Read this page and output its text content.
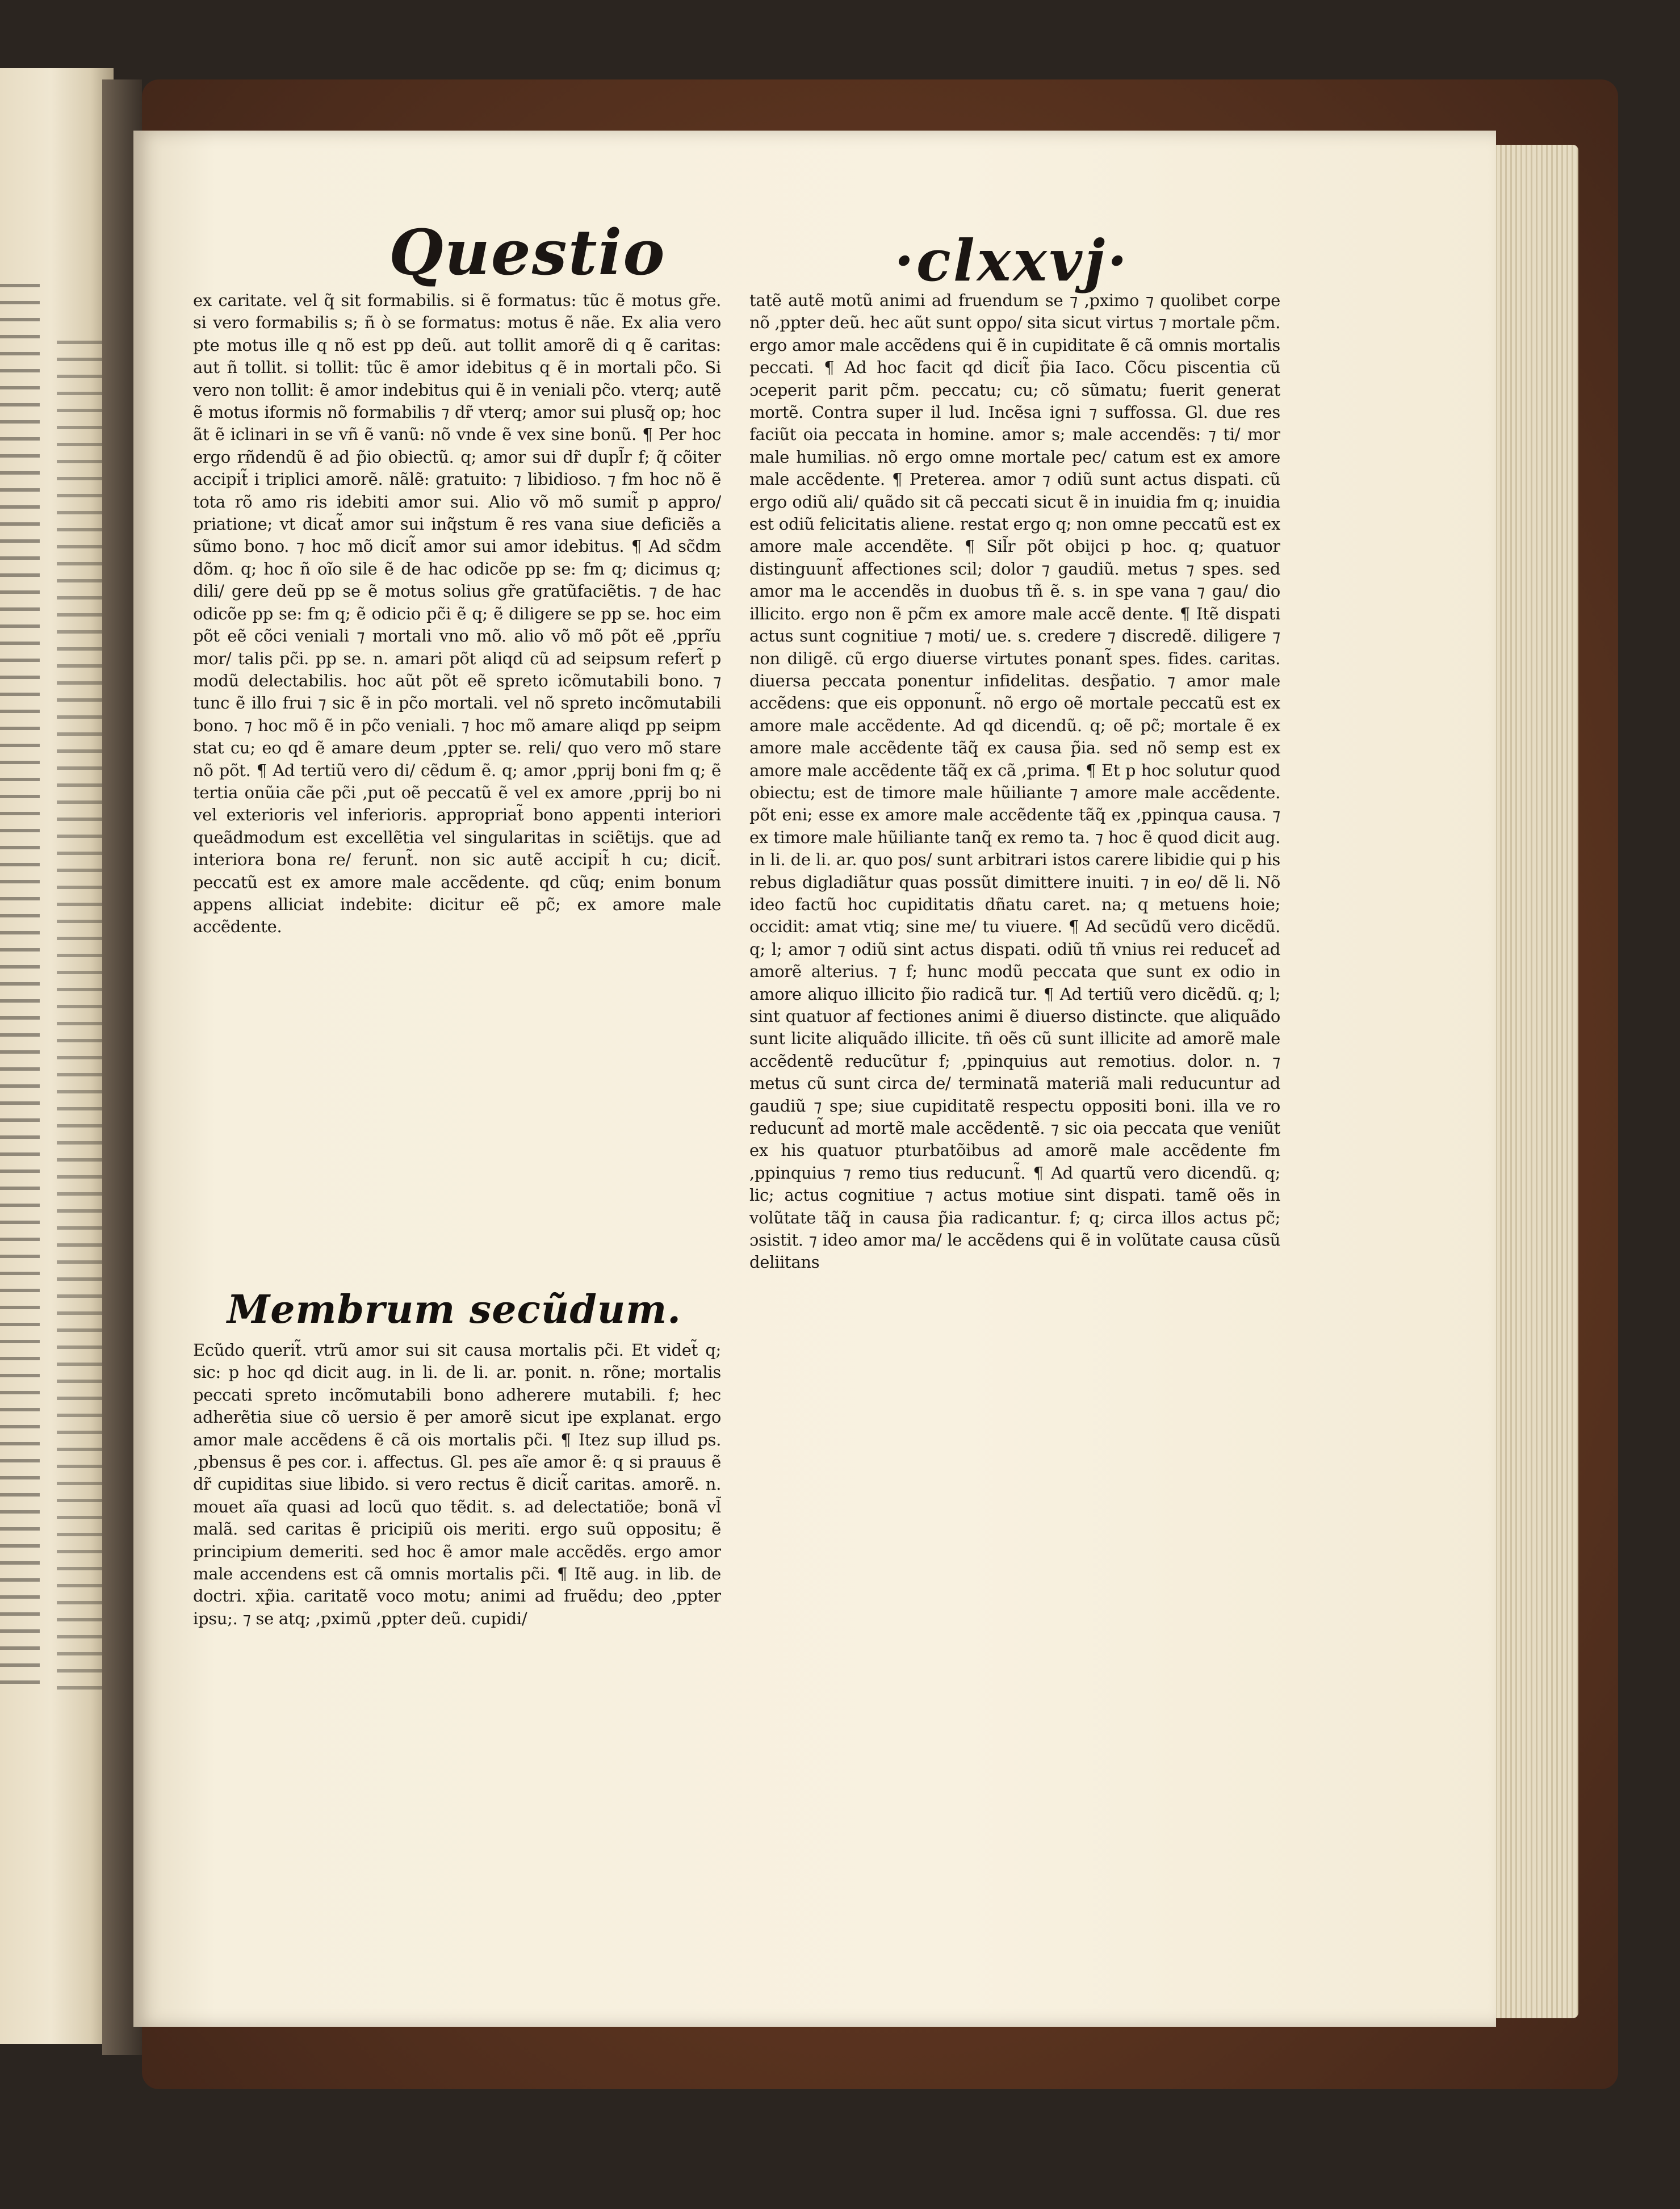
Questio	·clxxvj·

ex caritate. vel q̃ sit formabilis. si ẽ formatus: tũc ẽ motus gr̃e. si vero formabilis s; ñ ò se formatus: motus ẽ nãe. Ex alia vero pte motus ille q nõ est pp deũ. aut tollit amorẽ di q ẽ caritas: aut ñ tollit. si tollit: tũc ẽ amor idebitus q ẽ in mortali pc̃o. Si vero non tollit: ẽ amor indebitus qui ẽ in veniali pc̃o. vterq; autẽ ẽ motus iformis nõ formabilis ⁊ dr̃ vterq; amor sui plusq̃ op; hoc ãt ẽ iclinari in se vñ ẽ vanũ: nõ vnde ẽ vex sine bonũ. ¶ Per hoc ergo rñdendũ ẽ ad p̃io obiectũ. q; amor sui dr̃ dupl̃r f; q̃ cõiter accipit̃ i triplici amorẽ. nãlẽ: gratuito: ⁊ libidioso. ⁊ fm hoc nõ ẽ tota rõ amo ris idebiti amor sui. Alio võ mõ sumit̃ p appro/ priatione; vt dicat̃ amor sui inq̃stum ẽ res vana siue deficiẽs a sũmo bono. ⁊ hoc mõ dicit̃ amor sui amor idebitus. ¶ Ad sc̃dm dõm. q; hoc ñ oĩo sile ẽ de hac odicõe pp se: fm q; dicimus q; dili/ gere deũ pp se ẽ motus solius gr̃e gratũfaciẽtis. ⁊ de hac odicõe pp se: fm q; ẽ odicio pc̃i ẽ q; ẽ diligere se pp se. hoc eim põt eẽ cõci veniali ⁊ mortali vno mõ. alio võ mõ põt eẽ ,pprĩu mor/ talis pc̃i. pp se. n. amari põt aliqd cũ ad seipsum refert̃ p modũ delectabilis. hoc aũt põt eẽ spreto icõmutabili bono. ⁊ tunc ẽ illo frui ⁊ sic ẽ in pc̃o mortali. vel nõ spreto incõmutabili bono. ⁊ hoc mõ ẽ in pc̃o veniali. ⁊ hoc mõ amare aliqd pp seipm stat cu; eo qd ẽ amare deum ,ppter se. reli/ quo vero mõ stare nõ põt. ¶ Ad tertiũ vero di/ cẽdum ẽ. q; amor ,pprij boni fm q; ẽ tertia onũia cãe pc̃i ,put oẽ peccatũ ẽ vel ex amore ,pprij bo ni vel exterioris vel inferioris. appropriat̃ bono appenti interiori queãdmodum est excellẽtia vel singularitas in sciẽtijs. que ad interiora bona re/ ferunt̃. non sic autẽ accipit̃ h cu; dicit̃. peccatũ est ex amore male accẽdente. qd cũq; enim bonum appens alliciat indebite: dicitur eẽ pc̃; ex amore male accẽdente.

Membrum secũdum.

Ecũdo querit̃. vtrũ amor sui sit causa mortalis pc̃i. Et videt̃ q; sic: p hoc qd dicit aug. in li. de li. ar. ponit. n. rõne; mortalis peccati spreto incõmutabili bono adherere mutabili. f; hec adherẽtia siue cõ uersio ẽ per amorẽ sicut ipe explanat. ergo amor male accẽdens ẽ cã ois mortalis pc̃i. ¶ Itez sup illud ps. ,pbensus ẽ pes cor. i. affectus. Gl. pes aĩe amor ẽ: q si prauus ẽ dr̃ cupiditas siue libido. si vero rectus ẽ dicit̃ caritas. amorẽ. n. mouet aĩa quasi ad locũ quo tẽdit. s. ad delectatiõe; bonã vl̃ malã. sed caritas ẽ pricipiũ ois meriti. ergo suũ oppositu; ẽ principium demeriti. sed hoc ẽ amor male accẽdẽs. ergo amor male accendens est cã omnis mortalis pc̃i. ¶ Itẽ aug. in lib. de doctri. xp̃ia. caritatẽ voco motu; animi ad fruẽdu; deo ,ppter ipsu;. ⁊ se atq; ,pximũ ,ppter deũ. cupidi/

tatẽ autẽ motũ animi ad fruendum se ⁊ ,pximo ⁊ quolibet corpe nõ ,ppter deũ. hec aũt sunt oppo/ sita sicut virtus ⁊ mortale pc̃m. ergo amor male accẽdens qui ẽ in cupiditate ẽ cã omnis mortalis peccati. ¶ Ad hoc facit qd dicit̃ p̃ia Iaco. Cõcu piscentia cũ ɔceperit parit pc̃m. peccatu; cu; cõ sũmatu; fuerit generat mortẽ. Contra super il lud. Incẽsa igni ⁊ suffossa. Gl. due res faciũt oia peccata in homine. amor s; male accendẽs: ⁊ ti/ mor male humilias. nõ ergo omne mortale pec/ catum est ex amore male accẽdente. ¶ Preterea. amor ⁊ odiũ sunt actus dispati. cũ ergo odiũ ali/ quãdo sit cã peccati sicut ẽ in inuidia fm q; inuidia est odiũ felicitatis aliene. restat ergo q; non omne peccatũ est ex amore male accendẽte. ¶ Sil̃r põt obijci p hoc. q; quatuor distinguunt̃ affectiones scil; dolor ⁊ gaudiũ. metus ⁊ spes. sed amor ma le accendẽs in duobus tñ ẽ. s. in spe vana ⁊ gau/ dio illicito. ergo non ẽ pc̃m ex amore male accẽ dente. ¶ Itẽ dispati actus sunt cognitiue ⁊ moti/ ue. s. credere ⁊ discredẽ. diligere ⁊ non diligẽ. cũ ergo diuerse virtutes ponant̃ spes. fides. caritas. diuersa peccata ponentur infidelitas. desp̃atio. ⁊ amor male accẽdens: que eis opponunt̃. nõ ergo oẽ mortale peccatũ est ex amore male accẽdente. Ad qd dicendũ. q; oẽ pc̃; mortale ẽ ex amore male accẽdente tãq̃ ex causa p̃ia. sed nõ semp est ex amore male accẽdente tãq̃ ex cã ,prima. ¶ Et p hoc solutur quod obiectu; est de timore male hũiliante ⁊ amore male accẽdente. põt eni; esse ex amore male accẽdente tãq̃ ex ,ppinqua causa. ⁊ ex timore male hũiliante tanq̃ ex remo ta. ⁊ hoc ẽ quod dicit aug. in li. de li. ar. quo pos/ sunt arbitrari istos carere libidie qui p his rebus digladiãtur quas possũt dimittere inuiti. ⁊ in eo/ dẽ li. Nõ ideo factũ hoc cupiditatis dñatu caret. na; q metuens hoie; occidit: amat vtiq; sine me/ tu viuere. ¶ Ad secũdũ vero dicẽdũ. q; l; amor ⁊ odiũ sint actus dispati. odiũ tñ vnius rei reducet̃ ad amorẽ alterius. ⁊ f; hunc modũ peccata que sunt ex odio in amore aliquo illicito p̃io radicã tur. ¶ Ad tertiũ vero dicẽdũ. q; l; sint quatuor af fectiones animi ẽ diuerso distincte. que aliquãdo sunt licite aliquãdo illicite. tñ oẽs cũ sunt illicite ad amorẽ male accẽdentẽ reducũtur f; ,ppinquius aut remotius. dolor. n. ⁊ metus cũ sunt circa de/ terminatã materiã mali reducuntur ad gaudiũ ⁊ spe; siue cupiditatẽ respectu oppositi boni. illa ve ro reducunt̃ ad mortẽ male accẽdentẽ. ⁊ sic oia peccata que veniũt ex his quatuor pturbatõibus ad amorẽ male accẽdente fm ,ppinquius ⁊ remo tius reducunt̃. ¶ Ad quartũ vero dicendũ. q; lic; actus cognitiue ⁊ actus motiue sint dispati. tamẽ oẽs in volũtate tãq̃ in causa p̃ia radicantur. f; q; circa illos actus pc̃; ɔsistit. ⁊ ideo amor ma/ le accẽdens qui ẽ in volũtate causa cũsũ deliitans
